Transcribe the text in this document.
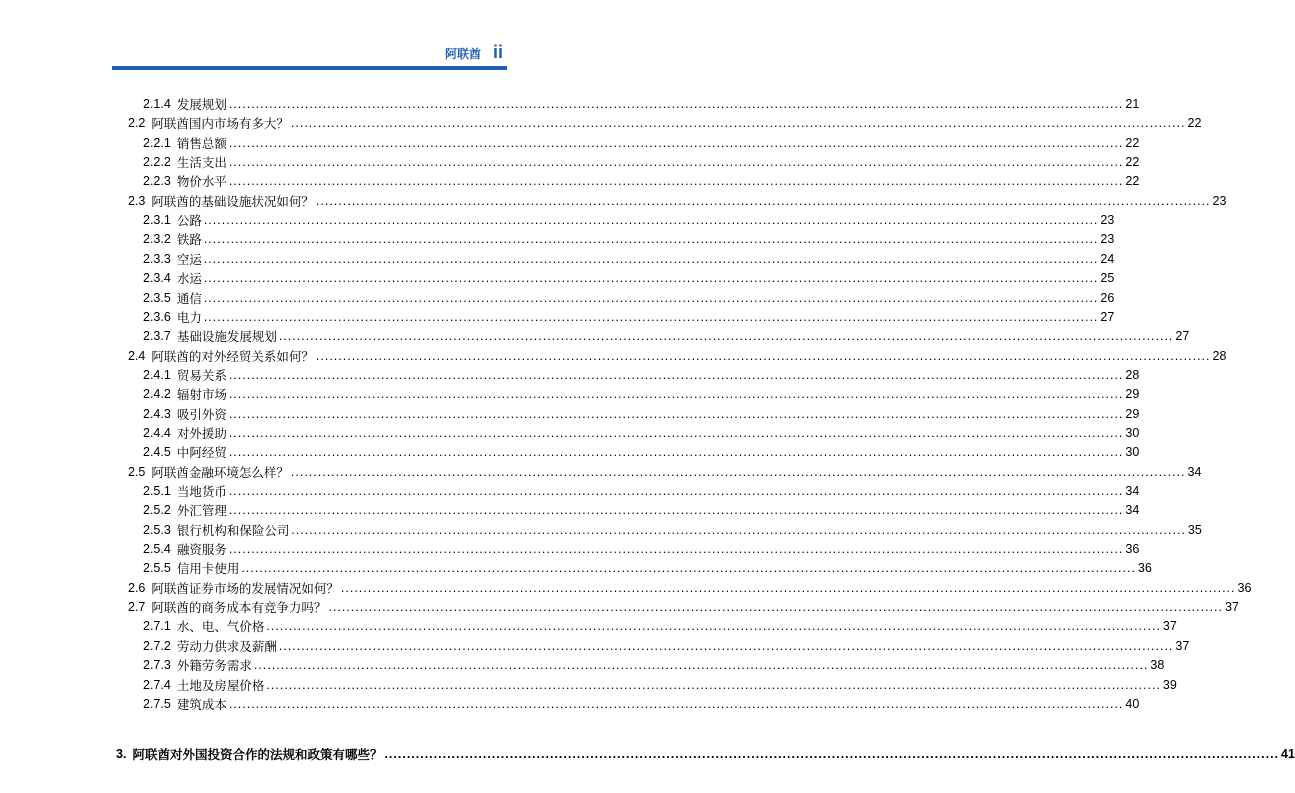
阿联酋 ii
2.1.4 发展规划 ........................................................................................................................................................................................................ 21
2.2 阿联酋国内市场有多大？ ........................................................................................................................................................................................................ 22
2.2.1 销售总额 ........................................................................................................................................................................................................ 22
2.2.2 生活支出 ........................................................................................................................................................................................................ 22
2.2.3 物价水平 ........................................................................................................................................................................................................ 22
2.3 阿联酋的基础设施状况如何？ ........................................................................................................................................................................................................ 23
2.3.1 公路 ........................................................................................................................................................................................................ 23
2.3.2 铁路 ........................................................................................................................................................................................................ 23
2.3.3 空运 ........................................................................................................................................................................................................ 24
2.3.4 水运 ........................................................................................................................................................................................................ 25
2.3.5 通信 ........................................................................................................................................................................................................ 26
2.3.6 电力 ........................................................................................................................................................................................................ 27
2.3.7 基础设施发展规划 ........................................................................................................................................................................................................ 27
2.4 阿联酋的对外经贸关系如何？ ........................................................................................................................................................................................................ 28
2.4.1 贸易关系 ........................................................................................................................................................................................................ 28
2.4.2 辐射市场 ........................................................................................................................................................................................................ 29
2.4.3 吸引外资 ........................................................................................................................................................................................................ 29
2.4.4 对外援助 ........................................................................................................................................................................................................ 30
2.4.5 中阿经贸 ........................................................................................................................................................................................................ 30
2.5 阿联酋金融环境怎么样？ ........................................................................................................................................................................................................ 34
2.5.1 当地货币 ........................................................................................................................................................................................................ 34
2.5.2 外汇管理 ........................................................................................................................................................................................................ 34
2.5.3 银行机构和保险公司 ........................................................................................................................................................................................................ 35
2.5.4 融资服务 ........................................................................................................................................................................................................ 36
2.5.5 信用卡使用 ........................................................................................................................................................................................................ 36
2.6 阿联酋证券市场的发展情况如何？ ........................................................................................................................................................................................................ 36
2.7 阿联酋的商务成本有竞争力吗？ ........................................................................................................................................................................................................ 37
2.7.1 水、电、气价格 ........................................................................................................................................................................................................ 37
2.7.2 劳动力供求及薪酬 ........................................................................................................................................................................................................ 37
2.7.3 外籍劳务需求 ........................................................................................................................................................................................................ 38
2.7.4 土地及房屋价格 ........................................................................................................................................................................................................ 39
2.7.5 建筑成本 ........................................................................................................................................................................................................ 40
3. 阿联酋对外国投资合作的法规和政策有哪些？ ........................................................................................................................................................................................................ 41
